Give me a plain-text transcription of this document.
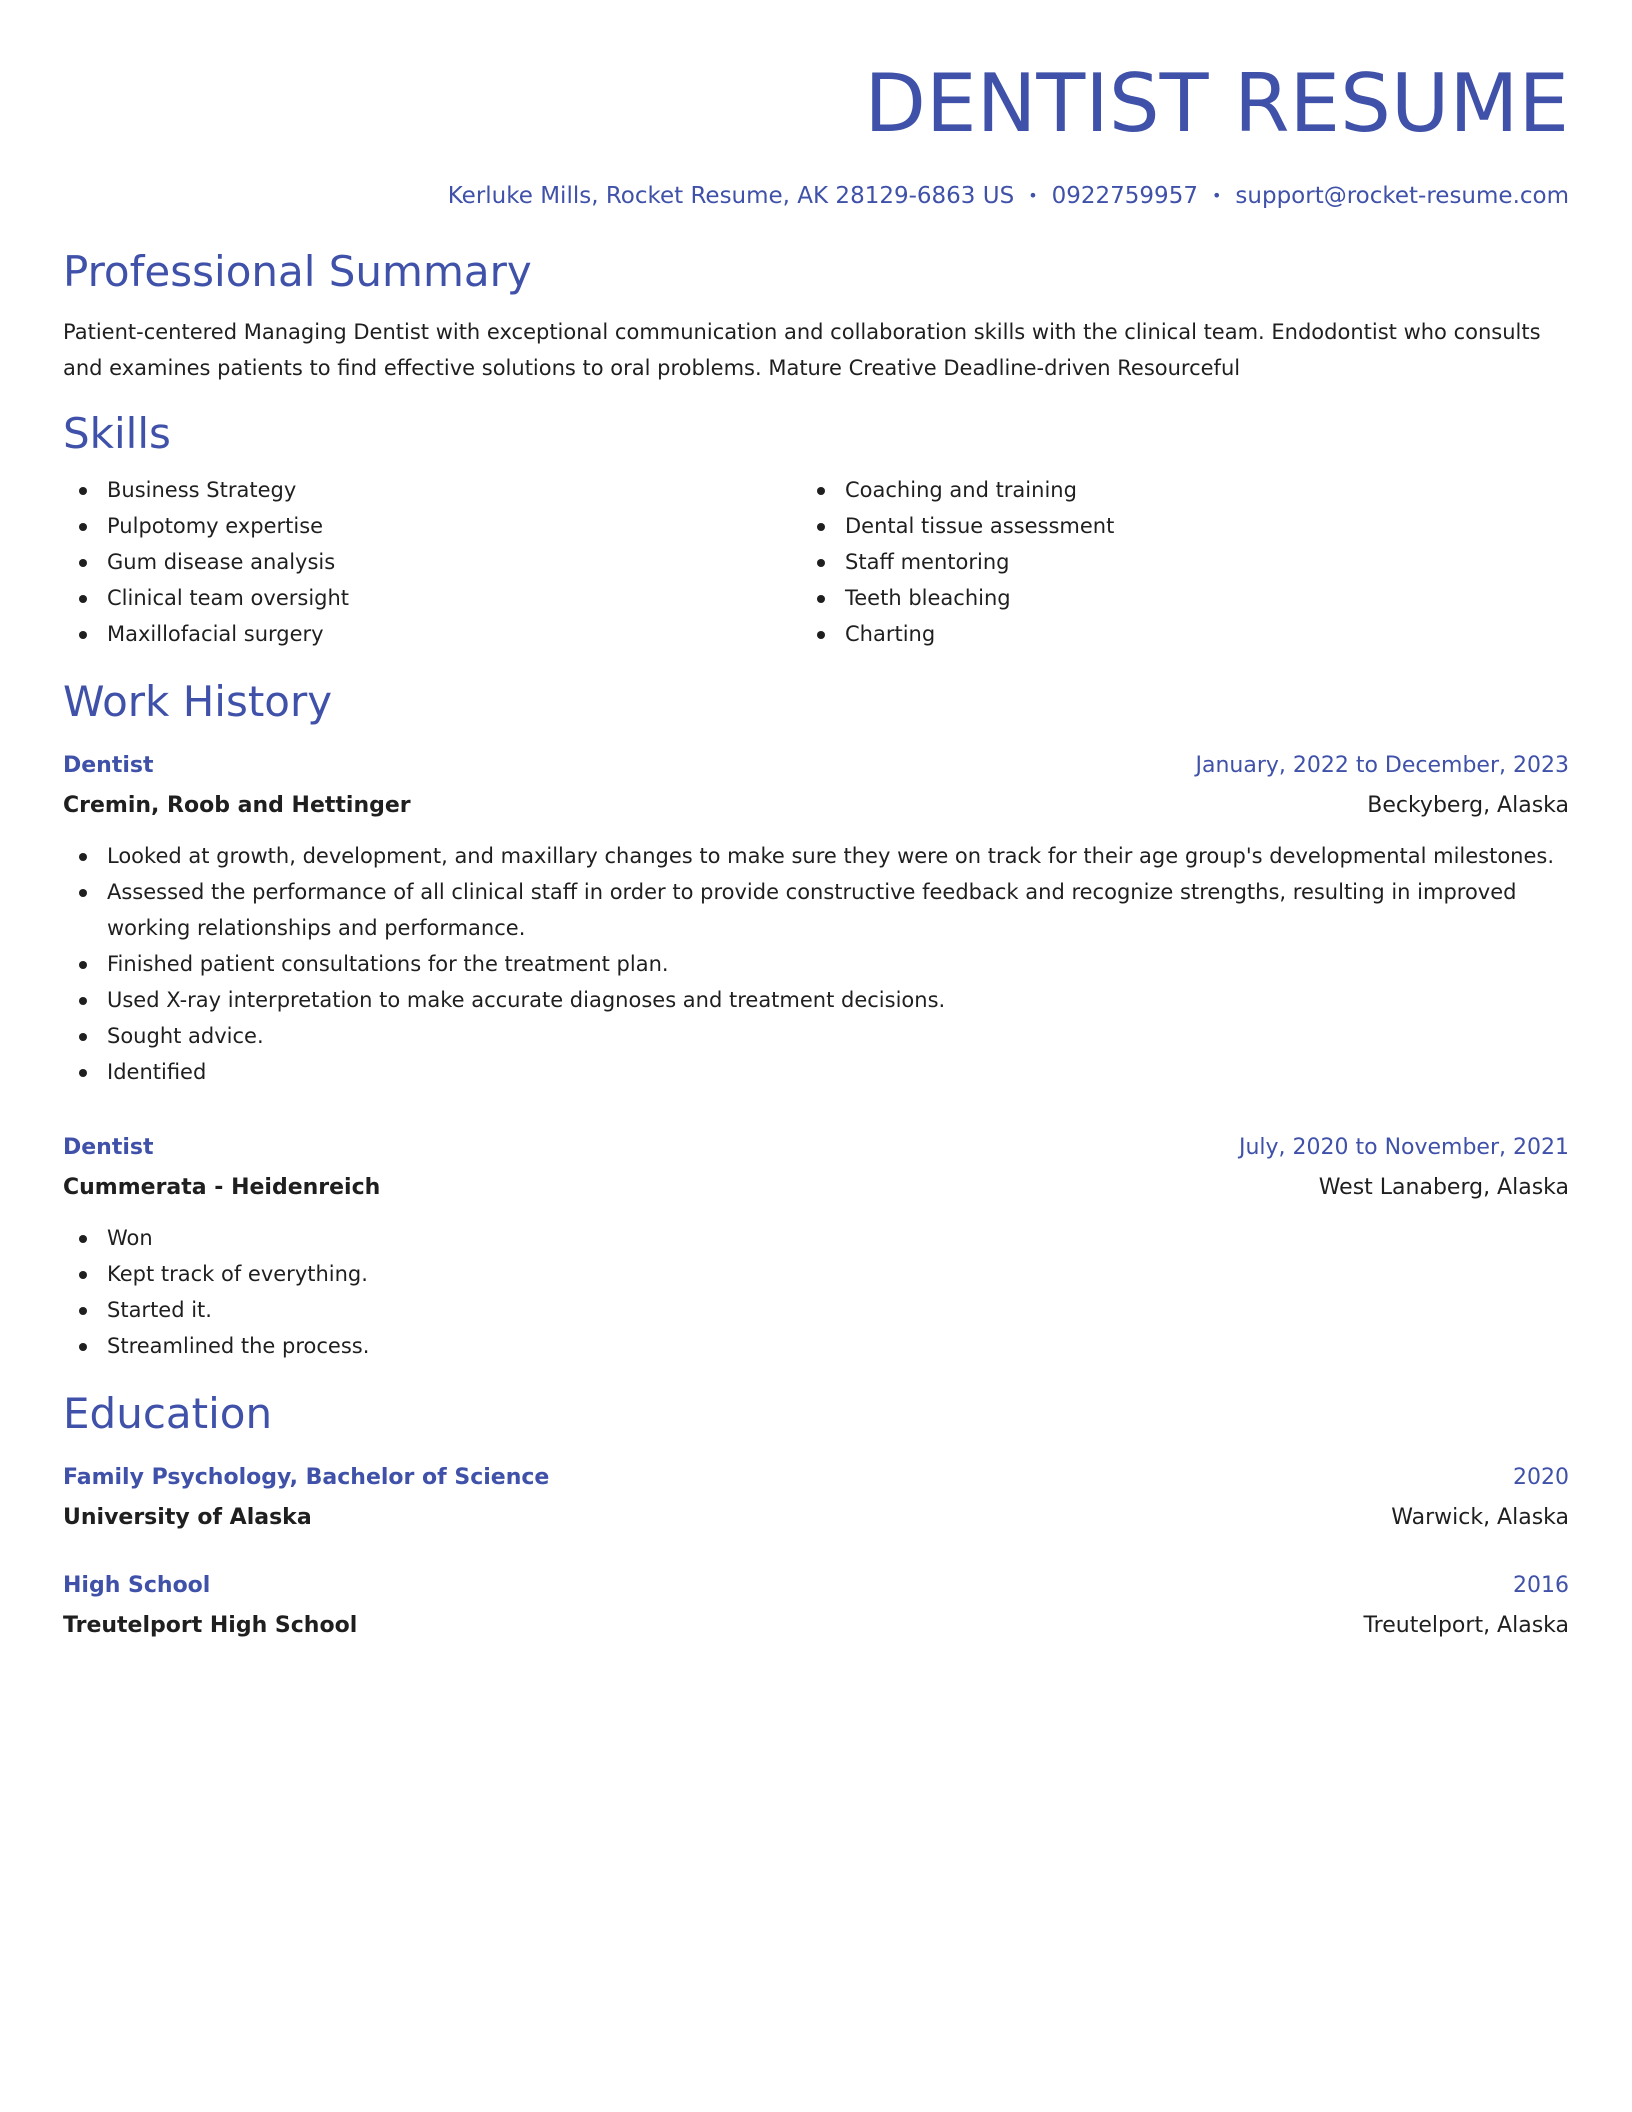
DENTIST RESUME
Kerluke Mills, Rocket Resume, AK 28129-6863 US • 0922759957 • support@rocket-resume.com
Professional Summary

Patient-centered Managing Dentist with exceptional communication and collaboration skills with the clinical team. Endodontist who consults and examines patients to find effective solutions to oral problems. Mature Creative Deadline-driven Resourceful

Skills
Business Strategy
Pulpotomy expertise
Gum disease analysis
Clinical team oversight
Maxillofacial surgery
Coaching and training
Dental tissue assessment
Staff mentoring
Teeth bleaching
Charting
Work History
Dentist	January, 2022 to December, 2023
Cremin, Roob and Hettinger	Beckyberg, Alaska
Looked at growth, development, and maxillary changes to make sure they were on track for their age group's developmental milestones.
Assessed the performance of all clinical staff in order to provide constructive feedback and recognize strengths, resulting in improved working relationships and performance.
Finished patient consultations for the treatment plan.
Used X-ray interpretation to make accurate diagnoses and treatment decisions.
Sought advice.
Identified
Dentist	July, 2020 to November, 2021
Cummerata - Heidenreich	West Lanaberg, Alaska
Won
Kept track of everything.
Started it.
Streamlined the process.
Education
Family Psychology, Bachelor of Science	2020
University of Alaska	Warwick, Alaska
High School	2016
Treutelport High School	Treutelport, Alaska
